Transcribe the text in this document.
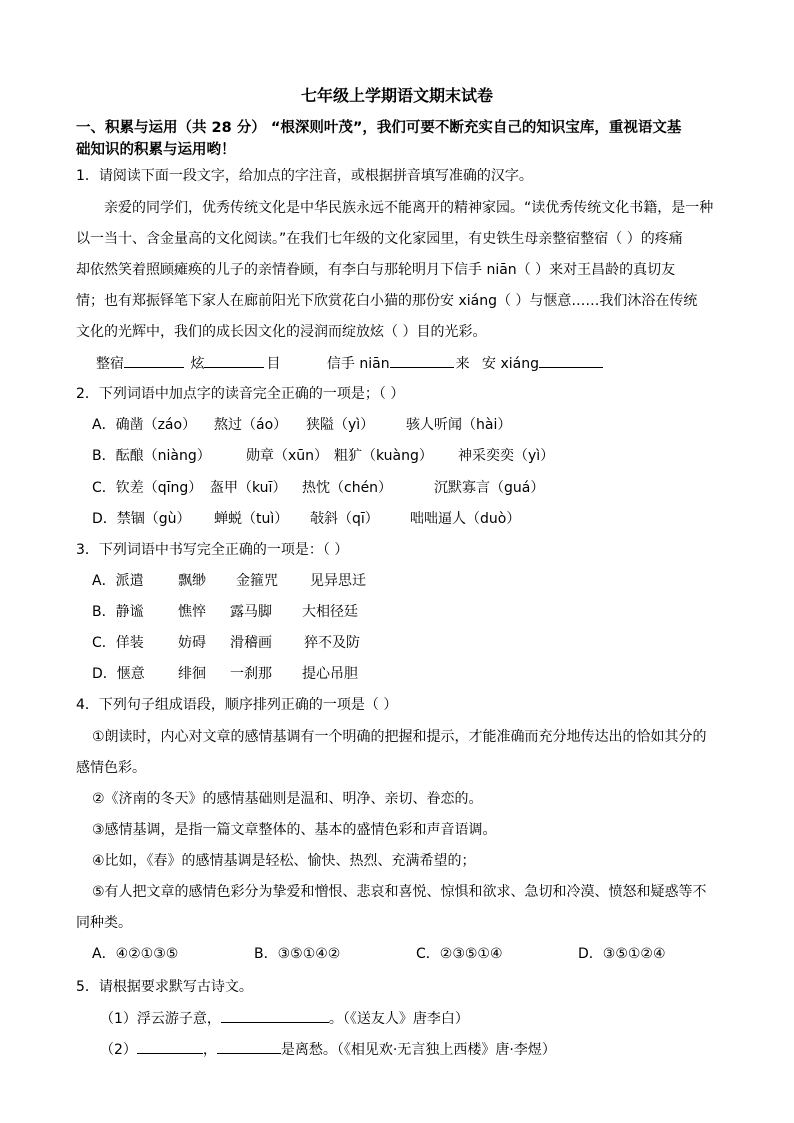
七年级上学期语文期末试卷
一、积累与运用（共 28 分） “根深则叶茂”，我们可要不断充实自己的知识宝库，重视语文基
础知识的积累与运用哟！
1．请阅读下面一段文字，给加点的字注音，或根据拼音填写准确的汉字。
亲爱的同学们，优秀传统文化是中华民族永远不能离开的精神家园。“读优秀传统文化书籍，是一种
以一当十、含金量高的文化阅读。”在我们七年级的文化家园里，有史铁生母亲整宿整宿（ ）的疼痛
却依然笑着照顾瘫痪的儿子的亲情眷顾，有李白与那轮明月下信手 niān（ ）来对王昌龄的真切友
情；也有郑振铎笔下家人在廊前阳光下欣赏花白小猫的那份安 xiáng（ ）与惬意……我们沐浴在传统
文化的光辉中，我们的成长因文化的浸润而绽放炫（ ）目的光彩。
整宿	炫	目	信手 niān	来 安 xiáng
2．下列词语中加点字的读音完全正确的一项是；（ ）
A．确凿（záo） 熬过（áo） 狭隘（yì） 骇人听闻（hài）
B．酝酿（niàng）	勋章（xūn） 粗犷（kuàng） 神采奕奕（yì）
C．钦差（qīng） 盔甲（kuī） 热忱（chén）	沉默寡言（guá）
D．禁锢（gù） 蝉蜕（tuì） 敧斜（qī） 咄咄逼人（duò）
3．下列词语中书写完全正确的一项是：（ ）
A．派遣 飘缈 金箍咒 见异思迁
B．静谧 憔悴 露马脚 大相径廷
C．佯装 妨碍 滑稽画 猝不及防
D．惬意 绯徊 一刹那 提心吊胆
4．下列句子组成语段，顺序排列正确的一项是（ ）
①朗读时，内心对文章的感情基调有一个明确的把握和提示，才能准确而充分地传达出的恰如其分的
感情色彩。
②《济南的冬天》的感情基础则是温和、明净、亲切、眷恋的。
③感情基调，是指一篇文章整体的、基本的盛情色彩和声音语调。
④比如，《春》的感情基调是轻松、愉快、热烈、充满希望的；
⑤有人把文章的感情色彩分为挚爱和憎恨、悲哀和喜悦、惊惧和欲求、急切和冷漠、愤怒和疑惑等不
同种类。
A．④②①③⑤	B．③⑤①④②	C．②③⑤①④	D．③⑤①②④
5．请根据要求默写古诗文。
（1）浮云游子意，	。（《送友人》唐李白）
（2）	，	是离愁。（《相见欢·无言独上西楼》唐·李煜）
